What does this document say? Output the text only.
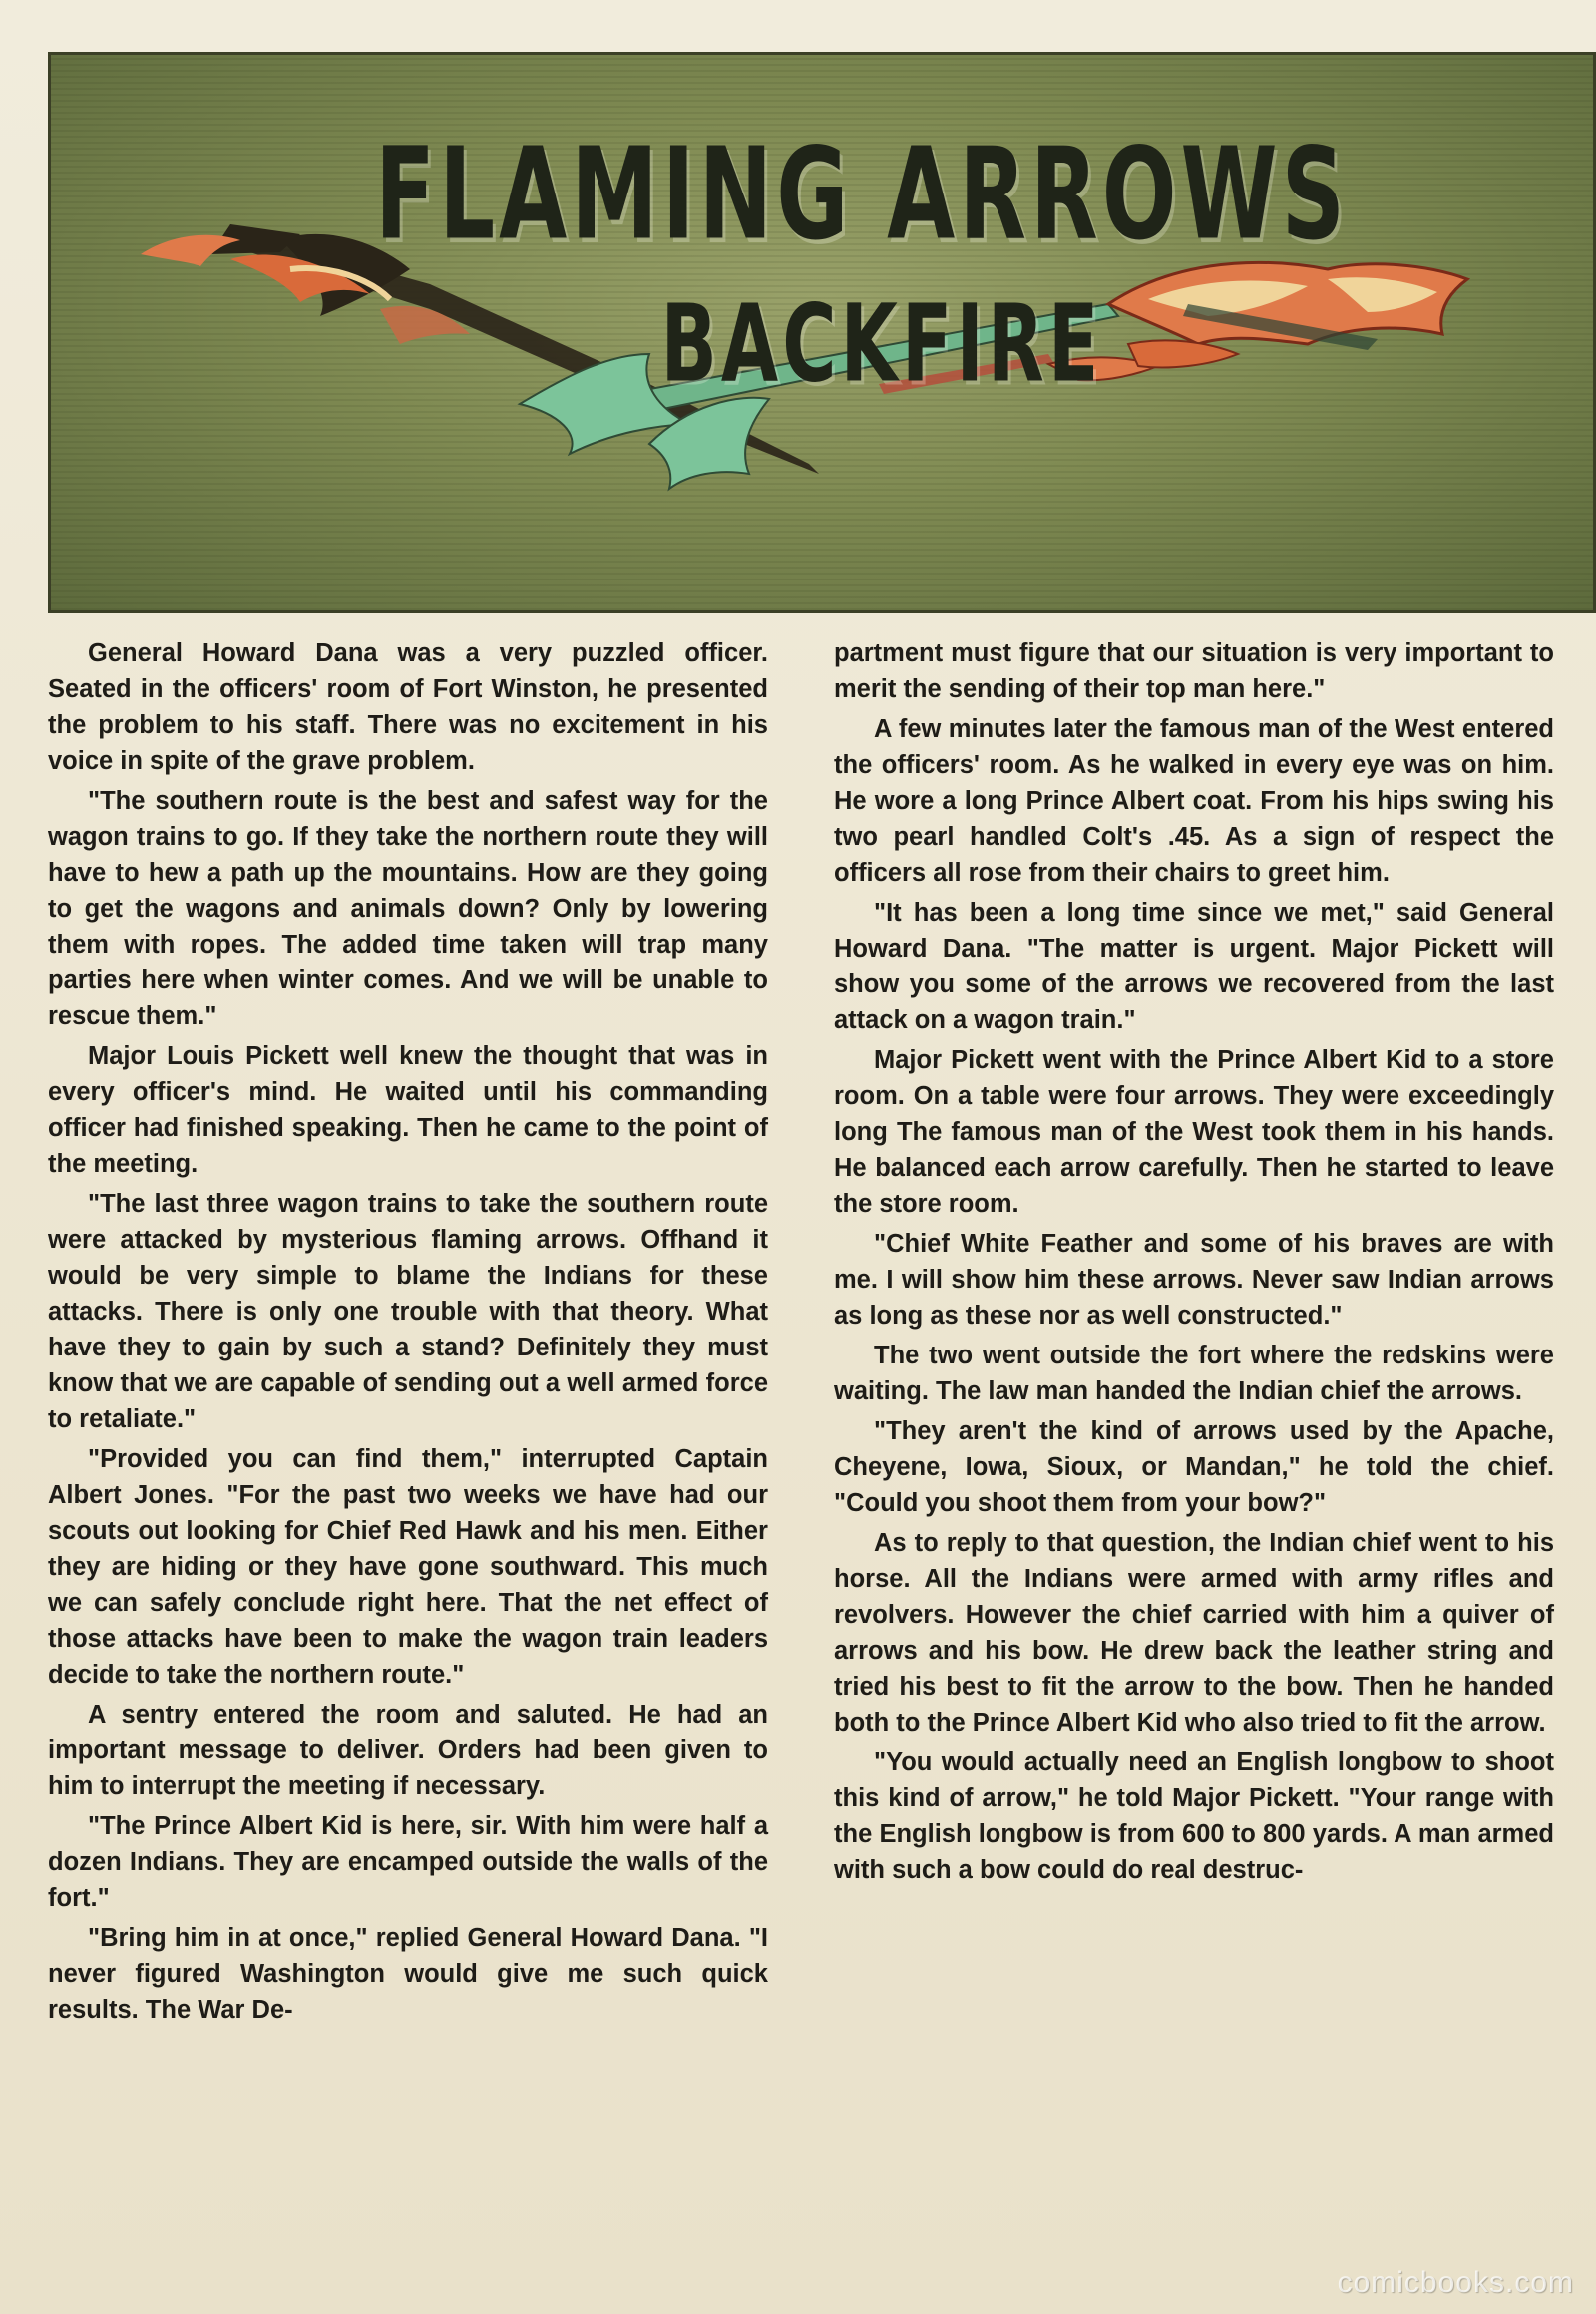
FLAMING ARROWS
BACKFIRE

General Howard Dana was a very puzzled officer. Seated in the officers' room of Fort Winston, he presented the problem to his staff. There was no excitement in his voice in spite of the grave problem.

"The southern route is the best and safest way for the wagon trains to go. If they take the northern route they will have to hew a path up the mountains. How are they going to get the wagons and animals down? Only by lowering them with ropes. The added time taken will trap many parties here when winter comes. And we will be unable to rescue them."

Major Louis Pickett well knew the thought that was in every officer's mind. He waited until his commanding officer had finished speaking. Then he came to the point of the meeting.

"The last three wagon trains to take the southern route were attacked by mysterious flaming arrows. Offhand it would be very simple to blame the Indians for these attacks. There is only one trouble with that theory. What have they to gain by such a stand? Definitely they must know that we are capable of sending out a well armed force to retaliate."

"Provided you can find them," interrupted Captain Albert Jones. "For the past two weeks we have had our scouts out looking for Chief Red Hawk and his men. Either they are hiding or they have gone southward. This much we can safely conclude right here. That the net effect of those attacks have been to make the wagon train leaders decide to take the northern route."

A sentry entered the room and saluted. He had an important message to deliver. Orders had been given to him to interrupt the meeting if necessary.

"The Prince Albert Kid is here, sir. With him were half a dozen Indians. They are encamped outside the walls of the fort."

"Bring him in at once," replied General Howard Dana. "I never figured Washington would give me such quick results. The War De-

partment must figure that our situation is very important to merit the sending of their top man here."

A few minutes later the famous man of the West entered the officers' room. As he walked in every eye was on him. He wore a long Prince Albert coat. From his hips swing his two pearl handled Colt's .45. As a sign of respect the officers all rose from their chairs to greet him.

"It has been a long time since we met," said General Howard Dana. "The matter is urgent. Major Pickett will show you some of the arrows we recovered from the last attack on a wagon train."

Major Pickett went with the Prince Albert Kid to a store room. On a table were four arrows. They were exceedingly long The famous man of the West took them in his hands. He balanced each arrow carefully. Then he started to leave the store room.

"Chief White Feather and some of his braves are with me. I will show him these arrows. Never saw Indian arrows as long as these nor as well constructed."

The two went outside the fort where the redskins were waiting. The law man handed the Indian chief the arrows.

"They aren't the kind of arrows used by the Apache, Cheyene, Iowa, Sioux, or Mandan," he told the chief. "Could you shoot them from your bow?"

As to reply to that question, the Indian chief went to his horse. All the Indians were armed with army rifles and revolvers. However the chief carried with him a quiver of arrows and his bow. He drew back the leather string and tried his best to fit the arrow to the bow. Then he handed both to the Prince Albert Kid who also tried to fit the arrow.

"You would actually need an English longbow to shoot this kind of arrow," he told Major Pickett. "Your range with the English longbow is from 600 to 800 yards. A man armed with such a bow could do real destruc-

comicbooks.com
